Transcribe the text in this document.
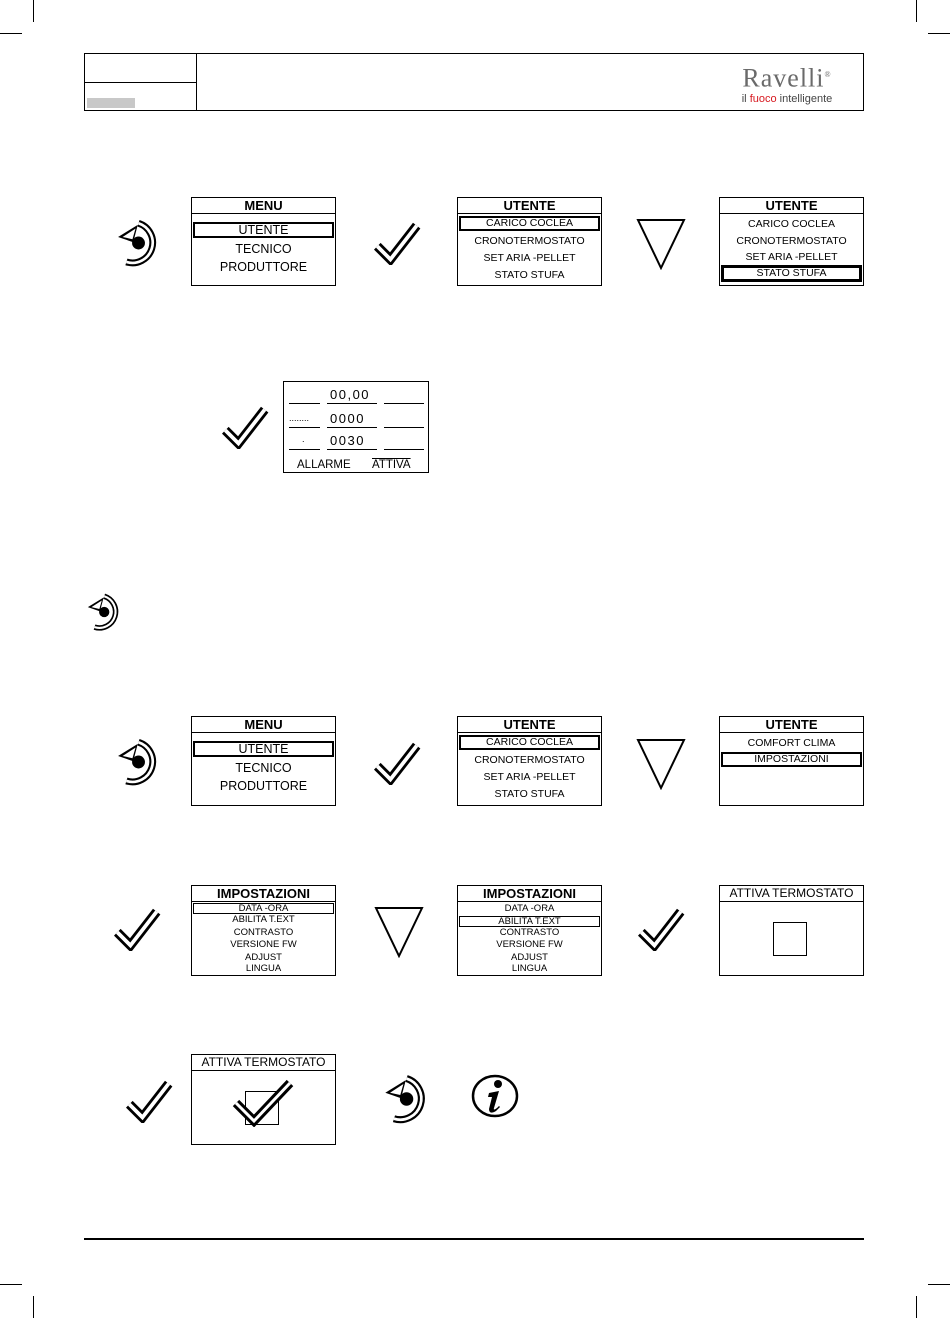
Ravelli®
il fuoco intelligente
MENU
UTENTE
TECNICO
PRODUTTORE
UTENTE
CARICO COCLEA
CRONOTERMOSTATO
SET ARIA -PELLET
STATO STUFA
UTENTE
CARICO COCLEA
CRONOTERMOSTATO
SET ARIA -PELLET
STATO STUFA
00,00
........ 0000
. 0030
ALLARME ATTIVA
MENU
UTENTE
TECNICO
PRODUTTORE
UTENTE
CARICO COCLEA
CRONOTERMOSTATO
SET ARIA -PELLET
STATO STUFA
UTENTE
COMFORT CLIMA
IMPOSTAZIONI
IMPOSTAZIONI
DATA -ORA
ABILITA T.EXT
CONTRASTO
VERSIONE FW
ADJUST
LINGUA
IMPOSTAZIONI
DATA -ORA
ABILITA T.EXT
CONTRASTO
VERSIONE FW
ADJUST
LINGUA
ATTIVA TERMOSTATO
ATTIVA TERMOSTATO
